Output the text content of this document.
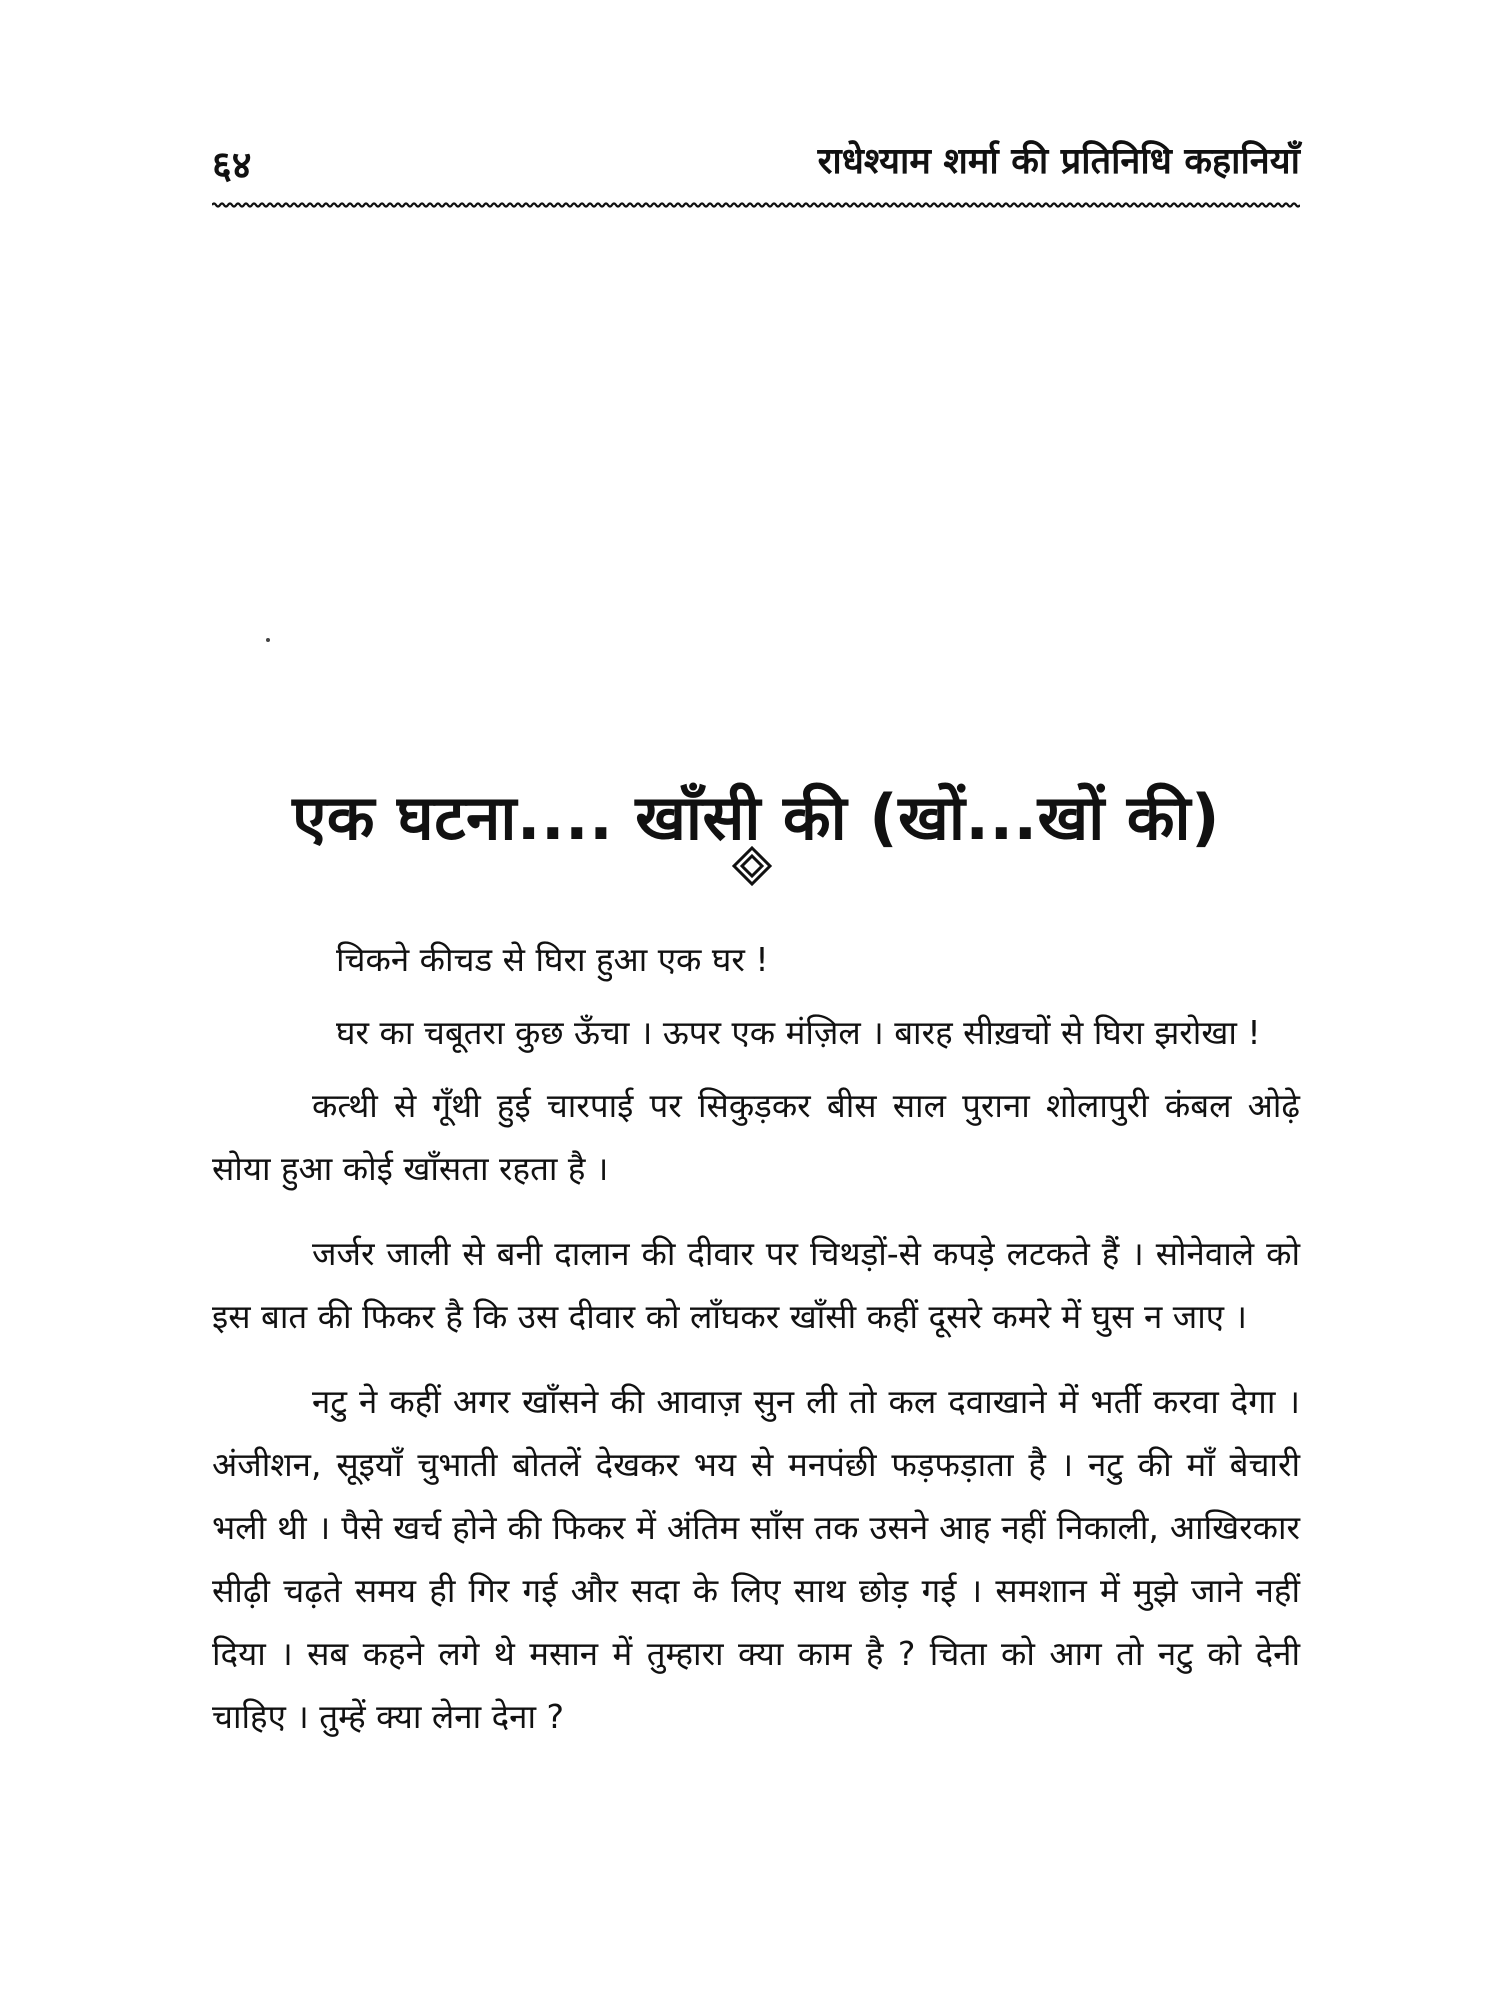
६४	राधेश्याम शर्मा की प्रतिनिधि कहानियाँ
एक घटना.... खाँसी की (खों...खों की)

चिकने कीचड से घिरा हुआ एक घर !

घर का चबूतरा कुछ ऊँचा । ऊपर एक मंज़िल । बारह सीख़चों से घिरा झरोखा !

कत्थी से गूँथी हुई चारपाई पर सिकुड़कर बीस साल पुराना शोलापुरी कंबल ओढ़े सोया हुआ कोई खाँसता रहता है ।

जर्जर जाली से बनी दालान की दीवार पर चिथड़ों-से कपड़े लटकते हैं । सोनेवाले को इस बात की फिकर है कि उस दीवार को लाँघकर खाँसी कहीं दूसरे कमरे में घुस न जाए ।

नटु ने कहीं अगर खाँसने की आवाज़ सुन ली तो कल दवाखाने में भर्ती करवा देगा । अंजीशन, सूइयाँ चुभाती बोतलें देखकर भय से मनपंछी फड़फड़ाता है । नटु की माँ बेचारी भली थी । पैसे खर्च होने की फिकर में अंतिम साँस तक उसने आह नहीं निकाली, आखिरकार सीढ़ी चढ़ते समय ही गिर गई और सदा के लिए साथ छोड़ गई । समशान में मुझे जाने नहीं दिया । सब कहने लगे थे मसान में तुम्हारा क्या काम है ? चिता को आग तो नटु को देनी चाहिए । तुम्हें क्या लेना देना ?
